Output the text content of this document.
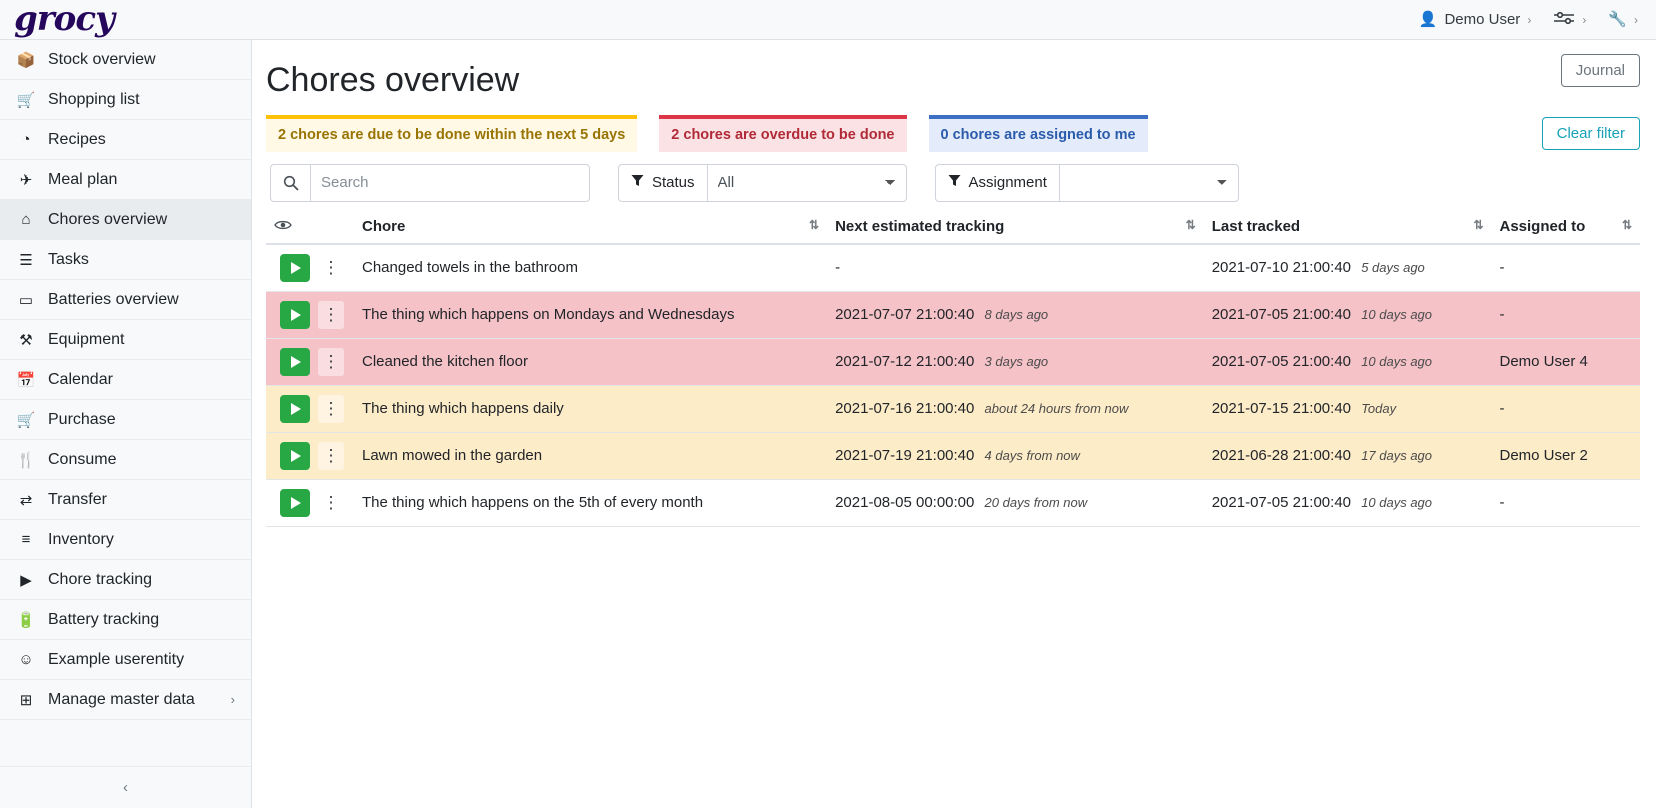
grocy	👤 Demo User ›	› 🔧 ›
📦 Stock overview
🛒 Shopping list
◔	Recipes
✈ Meal plan
⌂	Chores overview
☰ Tasks
▭ Batteries overview
⚒ Equipment
📅 Calendar
🛒 Purchase
🍴 Consume
⇄ Transfer
≡	Inventory
▶ Chore tracking
🔋 Battery tracking
☺ Example userentity
⊞ Manage master data	›
‹
Chores overview	Journal
2 chores are due to be done within the next 5 days	2 chores are overdue to be done	0 chores are assigned to me	Clear filter
Search
Status
All	Assignment
		Chore ⇅	Next estimated tracking ⇅	Last tracked ⇅	Assigned to ⇅

⋮	Changed towels in the bathroom	-	2021-07-10 21:00:40 5 days ago	-

⋮	The thing which happens on Mondays and Wednesdays	2021-07-07 21:00:40 8 days ago	2021-07-05 21:00:40 10 days ago	-

⋮	Cleaned the kitchen floor	2021-07-12 21:00:40 3 days ago	2021-07-05 21:00:40 10 days ago	Demo User 4

⋮	The thing which happens daily	2021-07-16 21:00:40 about 24 hours from now	2021-07-15 21:00:40 Today	-

⋮	Lawn mowed in the garden	2021-07-19 21:00:40 4 days from now	2021-06-28 21:00:40 17 days ago	Demo User 2

⋮	The thing which happens on the 5th of every month	2021-08-05 00:00:00 20 days from now	2021-07-05 21:00:40 10 days ago	-
